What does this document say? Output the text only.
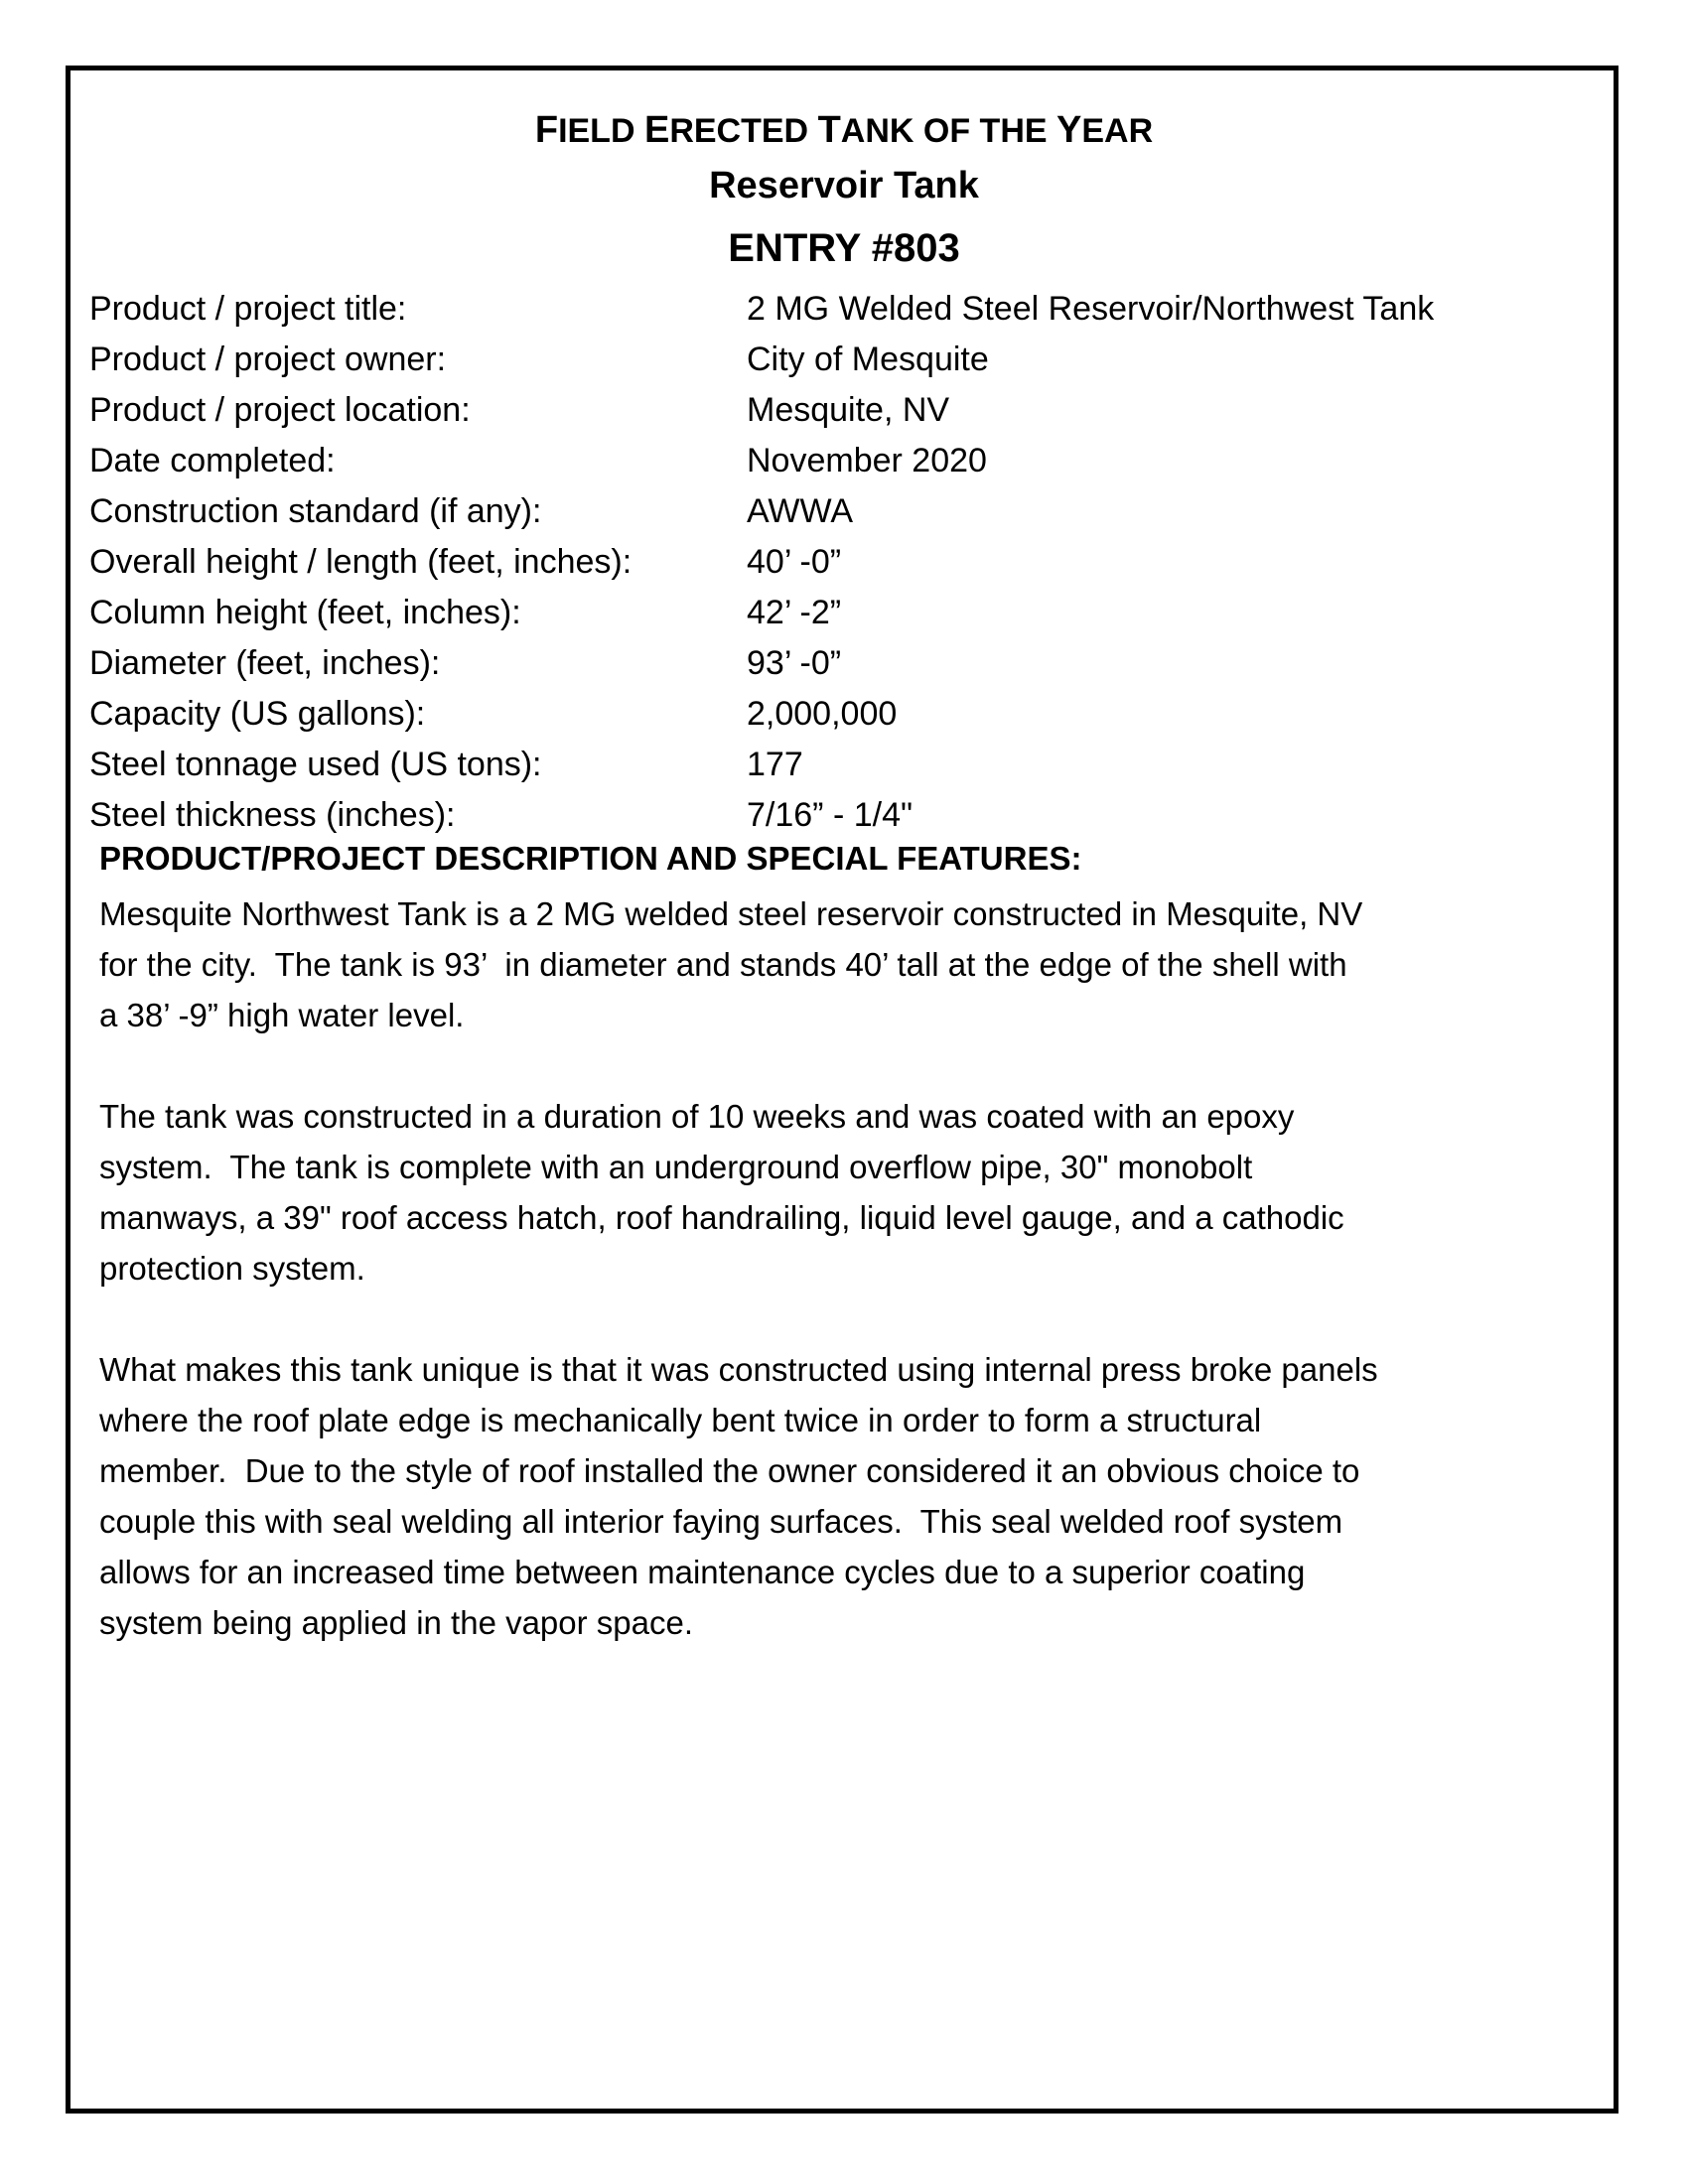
FIELD ERECTED TANK OF THE YEAR
Reservoir Tank
ENTRY #803
Product / project title:	2 MG Welded Steel Reservoir/Northwest Tank
Product / project owner:	City of Mesquite
Product / project location:	Mesquite, NV
Date completed:	November 2020
Construction standard (if any):	AWWA
Overall height / length (feet, inches):	40’ -0”
Column height (feet, inches):	42’ -2”
Diameter (feet, inches):	93’ -0”
Capacity (US gallons):	2,000,000
Steel tonnage used (US tons):	177
Steel thickness (inches):	7/16” - 1/4"
PRODUCT/PROJECT DESCRIPTION AND SPECIAL FEATURES:

Mesquite Northwest Tank is a 2 MG welded steel reservoir constructed in Mesquite, NV
for the city.  The tank is 93’  in diameter and stands 40’ tall at the edge of the shell with
a 38’ -9” high water level.

The tank was constructed in a duration of 10 weeks and was coated with an epoxy
system.  The tank is complete with an underground overflow pipe, 30" monobolt
manways, a 39" roof access hatch, roof handrailing, liquid level gauge, and a cathodic
protection system.

What makes this tank unique is that it was constructed using internal press broke panels
where the roof plate edge is mechanically bent twice in order to form a structural
member.  Due to the style of roof installed the owner considered it an obvious choice to
couple this with seal welding all interior faying surfaces.  This seal welded roof system
allows for an increased time between maintenance cycles due to a superior coating
system being applied in the vapor space.
